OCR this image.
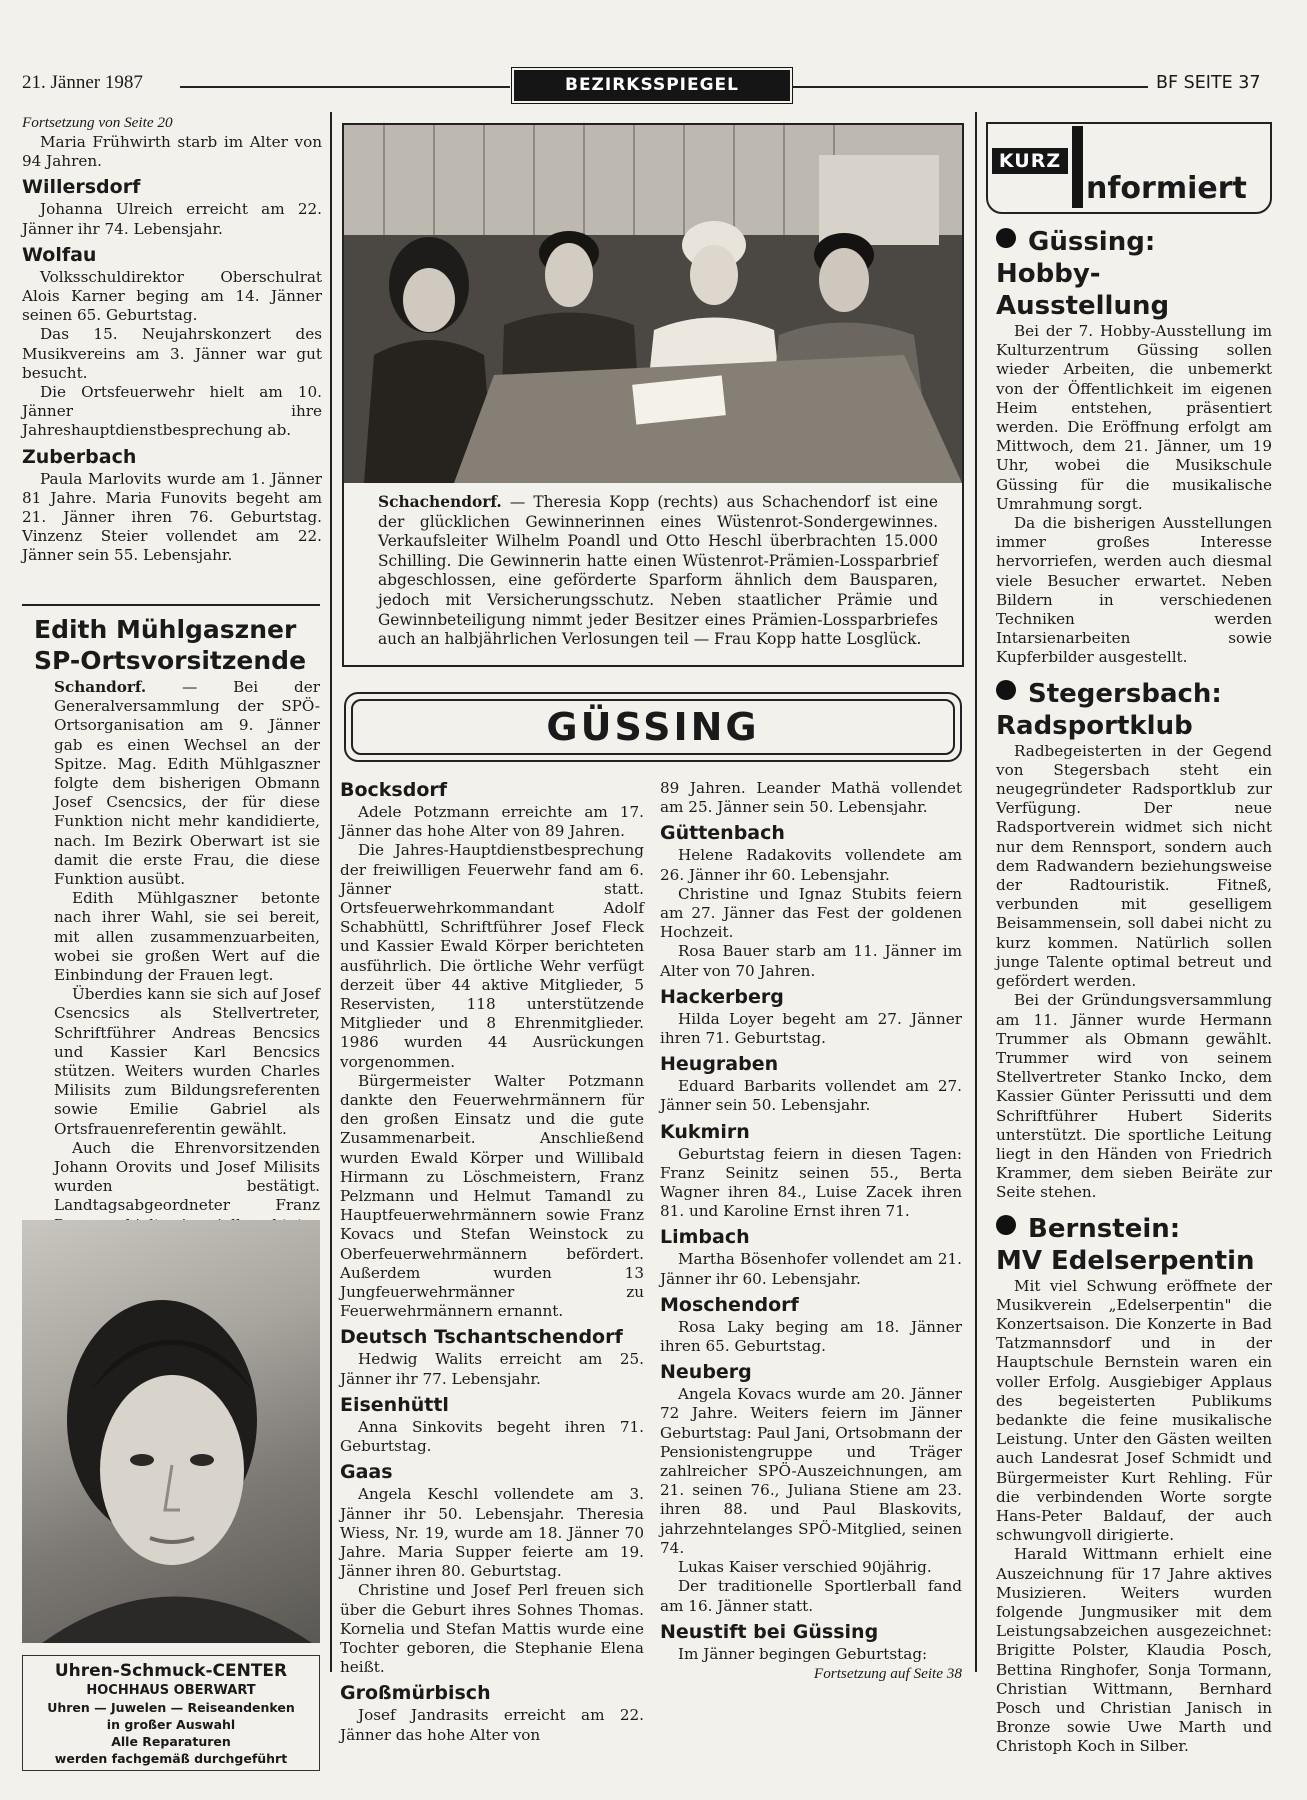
21. Jänner 1987	BEZIRKSSPIEGEL	BF SEITE 37
Fortsetzung von Seite 20

Maria Frühwirth starb im Alter von 94 Jahren.

Willersdorf

Johanna Ulreich erreicht am 22. Jänner ihr 74. Lebensjahr.

Wolfau

Volksschuldirektor Oberschulrat Alois Karner beging am 14. Jänner seinen 65. Geburtstag.

Das 15. Neujahrskonzert des Musikvereins am 3. Jänner war gut besucht.

Die Ortsfeuerwehr hielt am 10. Jänner ihre Jahreshauptdienstbesprechung ab.

Zuberbach

Paula Marlovits wurde am 1. Jänner 81 Jahre. Maria Funovits begeht am 21. Jänner ihren 76. Geburtstag. Vinzenz Steier vollendet am 22. Jänner sein 55. Lebensjahr.

Edith Mühlgaszner
SP-Ortsvorsitzende

Schandorf. — Bei der Generalversammlung der SPÖ-Ortsorganisation am 9. Jänner gab es einen Wechsel an der Spitze. Mag. Edith Mühlgaszner folgte dem bisherigen Obmann Josef Csencsics, der für diese Funktion nicht mehr kandidierte, nach. Im Bezirk Oberwart ist sie damit die erste Frau, die diese Funktion ausübt.

Edith Mühlgaszner betonte nach ihrer Wahl, sie sei bereit, mit allen zusammenzuarbeiten, wobei sie großen Wert auf die Einbindung der Frauen legt.

Überdies kann sie sich auf Josef Csencsics als Stellvertreter, Schriftführer Andreas Bencsics und Kassier Karl Bencsics stützen. Weiters wurden Charles Milisits zum Bildungsreferenten sowie Emilie Gabriel als Ortsfrauenreferentin gewählt.

Auch die Ehrenvorsitzenden Johann Orovits und Josef Milisits wurden bestätigt. Landtagsabgeordneter Franz

Uhren-Schmuck-CENTER
HOCHHAUS OBERWART
Uhren — Juwelen — Reiseandenken
in großer Auswahl
Alle Reparaturen
werden fachgemäß durchgeführt

Schachendorf. — Theresia Kopp (rechts) aus Schachendorf ist eine der glücklichen Gewinnerinnen eines Wüstenrot-Sondergewinnes. Verkaufsleiter Wilhelm Poandl und Otto Heschl überbrachten 15.000 Schilling. Die Gewinnerin hatte einen Wüstenrot-Prämien-Lossparbrief abgeschlossen, eine geförderte Sparform ähnlich dem Bausparen, jedoch mit Versicherungsschutz. Neben staatlicher Prämie und Gewinnbeteiligung nimmt jeder Besitzer eines Prämien-Lossparbriefes auch an halbjährlichen Verlosungen teil — Frau Kopp hatte Losglück.

GÜSSING
Bocksdorf

Adele Potzmann erreichte am 17. Jänner das hohe Alter von 89 Jahren.

Die Jahres-Hauptdienstbesprechung der freiwilligen Feuerwehr fand am 6. Jänner statt. Ortsfeuerwehrkommandant Adolf Schabhüttl, Schriftführer Josef Fleck und Kassier Ewald Körper berichteten ausführlich. Die örtliche Wehr verfügt derzeit über 44 aktive Mitglieder, 5 Reservisten, 118 unterstützende Mitglieder und 8 Ehrenmitglieder. 1986 wurden 44 Ausrückungen vorgenommen.

Bürgermeister Walter Potzmann dankte den Feuerwehrmännern für den großen Einsatz und die gute Zusammenarbeit. Anschließend wurden Ewald Körper und Willibald Hirmann zu Löschmeistern, Franz Pelzmann und Helmut Tamandl zu Hauptfeuerwehrmännern sowie Franz Kovacs und Stefan Weinstock zu Oberfeuerwehrmännern befördert. Außerdem wurden 13 Jungfeuerwehrmänner zu Feuerwehrmännern ernannt.

Deutsch Tschantschendorf

Hedwig Walits erreicht am 25. Jänner ihr 77. Lebensjahr.

Eisenhüttl

Anna Sinkovits begeht ihren 71. Geburtstag.

Gaas

Angela Keschl vollendete am 3. Jänner ihr 50. Lebensjahr. Theresia Wiess, Nr. 19, wurde am 18. Jänner 70 Jahre. Maria Supper feierte am 19. Jänner ihren 80. Geburtstag.

Christine und Josef Perl freuen sich über die Geburt ihres Sohnes Thomas. Kornelia und Stefan Mattis wurde eine Tochter geboren, die Stephanie Elena heißt.

Großmürbisch

Josef Jandrasits erreicht am 22. Jänner das hohe Alter von

89 Jahren. Leander Mathä vollendet am 25. Jänner sein 50. Lebensjahr.

Güttenbach

Helene Radakovits vollendete am 26. Jänner ihr 60. Lebensjahr.

Christine und Ignaz Stubits feiern am 27. Jänner das Fest der goldenen Hochzeit.

Rosa Bauer starb am 11. Jänner im Alter von 70 Jahren.

Hackerberg

Hilda Loyer begeht am 27. Jänner ihren 71. Geburtstag.

Heugraben

Eduard Barbarits vollendet am 27. Jänner sein 50. Lebensjahr.

Kukmirn

Geburtstag feiern in diesen Tagen: Franz Seinitz seinen 55., Berta Wagner ihren 84., Luise Zacek ihren 81. und Karoline Ernst ihren 71.

Limbach

Martha Bösenhofer vollendet am 21. Jänner ihr 60. Lebensjahr.

Moschendorf

Rosa Laky beging am 18. Jänner ihren 65. Geburtstag.

Neuberg

Angela Kovacs wurde am 20. Jänner 72 Jahre. Weiters feiern im Jänner Geburtstag: Paul Jani, Ortsobmann der Pensionistengruppe und Träger zahlreicher SPÖ-Auszeichnungen, am 21. seinen 76., Juliana Stiene am 23. ihren 88. und Paul Blaskovits, jahrzehntelanges SPÖ-Mitglied, seinen 74.

Lukas Kaiser verschied 90jährig.

Der traditionelle Sportlerball fand am 16. Jänner statt.

Neustift bei Güssing

Im Jänner begingen Geburtstag:

Fortsetzung auf Seite 38
KURZ
nformiert
Güssing:
Hobby-Ausstellung

Bei der 7. Hobby-Ausstellung im Kulturzentrum Güssing sollen wieder Arbeiten, die unbemerkt von der Öffentlichkeit im eigenen Heim entstehen, präsentiert werden. Die Eröffnung erfolgt am Mittwoch, dem 21. Jänner, um 19 Uhr, wobei die Musikschule Güssing für die musikalische Umrahmung sorgt.

Da die bisherigen Ausstellungen immer großes Interesse hervorriefen, werden auch diesmal viele Besucher erwartet. Neben Bildern in verschiedenen Techniken werden Intarsienarbeiten sowie Kupferbilder ausgestellt.

Stegersbach:
Radsportklub

Radbegeisterten in der Gegend von Stegersbach steht ein neugegründeter Radsportklub zur Verfügung. Der neue Radsportverein widmet sich nicht nur dem Rennsport, sondern auch dem Radwandern beziehungsweise der Radtouristik. Fitneß, verbunden mit geselligem Beisammensein, soll dabei nicht zu kurz kommen. Natürlich sollen junge Talente optimal betreut und gefördert werden.

Bei der Gründungsversammlung am 11. Jänner wurde Hermann Trummer als Obmann gewählt. Trummer wird von seinem Stellvertreter Stanko Incko, dem Kassier Günter Perissutti und dem Schriftführer Hubert Siderits unterstützt. Die sportliche Leitung liegt in den Händen von Friedrich Krammer, dem sieben Beiräte zur Seite stehen.

Bernstein:
MV Edelserpentin

Mit viel Schwung eröffnete der Musikverein „Edelserpentin" die Konzertsaison. Die Konzerte in Bad Tatzmannsdorf und in der Hauptschule Bernstein waren ein voller Erfolg. Ausgiebiger Applaus des begeisterten Publikums bedankte die feine musikalische Leistung. Unter den Gästen weilten auch Landesrat Josef Schmidt und Bürgermeister Kurt Rehling. Für die verbindenden Worte sorgte Hans-Peter Baldauf, der auch schwungvoll dirigierte.

Harald Wittmann erhielt eine Auszeichnung für 17 Jahre aktives Musizieren. Weiters wurden folgende Jungmusiker mit dem Leistungsabzeichen ausgezeichnet: Brigitte Polster, Klaudia Posch, Bettina Ringhofer, Sonja Tormann, Christian Wittmann, Bernhard Posch und Christian Janisch in Bronze sowie Uwe Marth und Christoph Koch in Silber.
